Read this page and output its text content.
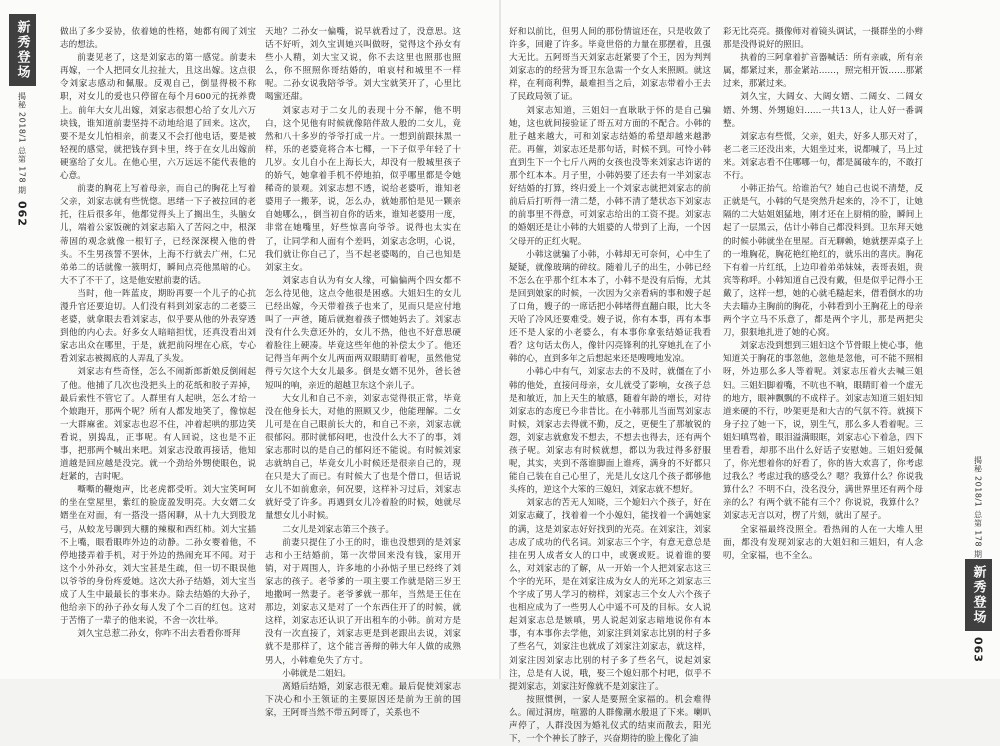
新秀登场
揭秘 2018/1 总第 178 期
062

做出了多少妥协，依着她的性格，她都有阀了刘宝志的想法。

前妻见老了，这是刘家志的第一感觉。前妻未再嫁，一个人把同女儿拉扯大，且这出嫁。这点很令刘家志感动和佩服。反观自己，倒显得极不称职，对女儿的爱也只停留在每个月600元的抚养费上。前年大女儿出嫁，刘家志很想心给了女儿六万块钱，谁知道前妻坚持不动地给退了回来。这次，要不是女儿怕相亲，前妻又不会打他电话，要是被轻视的感觉，就把钱存到卡里，终于在女儿出嫁前硬塞给了女儿。在他心里，六万远远不能代表他的心意。

前妻的胸花上写着母亲，而自己的胸花上写着父亲，刘家志就有些恍惚。思绪一下子被拉回的老托，往后很多年，他都觉得头上了搁出生，头脑女儿，端着公家饭碗的刘家志陷入了苦闷之中，根深蒂固的观念就像一根钉子，已经深深楔入他的骨头。不生男孩誓不罢休，上海不行就去广州，仁兄弟弟二的话就像一簇明灯，瞬间点亮他黑暗的心。大不了不干了，这是他安慰前妻的话。

当时，他一阵蓝皮，期盼再要一个儿子的心抗漫升官还要迫切。人们没有料到刘家志的二老婆三老婆，就拿眼去看刘家志，似乎要从他的外表穿透到他的内心去。好多女人暗暗担忧，还真没看出刘家志出众在哪里，于是，就把前闷埋在心底，专心看刘家志被揭底的人弄乱了头发。

刘家志有些奇怪，怎么不闹新郎新娘反倒闹起了他。他捕了几次也没把头上的花纸和胶子弄掉，最后索性不管它了。人群里有人起哄，怎么才给一个娘跑开，那两个呢？所有人都发地笑了，像惊起一大群麻雀。刘家志也忍不住，冲着起哄的那边笑看说，别捣乱，正事呢。有人回说，这也是不正事，把那两个喊出来吧。刘家志没敢再接话，他知道越是回应越是没完。就一个劲给外甥使眼色，说赶紧的，吉时呢。

嘶嘶的鞭炮声，比老虎都受听。刘大宝笑呵呵的坐在堂屋里，紫红的脸庞盈发明亮。大女婿二女婿坐在对面，有一搭没一搭闲聊，从十九大到股龙弓，从蛟龙号聊到大棚的辣椒和西红柿。刘大宝插不上嘴，眼看眼昨外边的动静。二孙女婴着他，不停地搂弄着手机，对于外边的热闹充耳不闻。对于这个小外孙女，刘大宝甚是生疏，但一切不眼误他以爷爷的身份疼爱她。这次大孙子结婚，刘大宝当成了人生中最最长的事来办。除去结婚的大孙子，他给亲下的孙子孙女每人发了个二百的红包。这对于苦惰了一辈子的他来说，不舍一次壮举。

刘久宝总惹二孙女，你咋不出去看看你哥拜

天地？二孙女一偏嘴，说早就看过了，没意思。这话不好听，刘久宝训她兴叫做呀，觉得这个孙女有些小人精，刘大宝又说，你不去这里也照那也照么，你不照照你哥结婚的，咱哀村和城里不一样呢。二孙女说我陪爷爷。刘大宝就笑开了，心里比喝蜜还甜。

刘家志对于二女儿的表现十分不解，他不明白，这个见他有时候就像陪伴敌人般的二女儿，竟然和八十多岁的爷爷打成一片。一想到前跟抹黑一样，乐的老婆竟将合本七椰，一下子似乎年轻了十几岁。女儿自小在上海长大，却没有一般城里孩子的娇气，她拿着手机不停地拍，似乎哪里都是令她稀奇的景观。刘家志想不透，说给老婆听，谁知老婆用子一搬茅，说，怎么办，就她那怕是见一颗亲自她哪么，，倒当初自你的话来，谁知老婆用一度，非常在她嘴里，好些惊喜向爷爷。说得也太实在了，让同学和人面有个差吗，刘家志念明，心说，我们就让你自己了，当不起老婆喝的，自己也知是刘家主女。

刘家志自认为有女人缘，可偏偏两个四女都不怎么待见他，这点令他很是困惑。大姐妇生的女儿已经出嫁，今天带着孩子也来了，见而只是应付地叫了一声爸，随后就抱着孩子惯她妈去了。刘家志没有什么失意还外的，女儿不热，他也不好意思硬着脸往上硬凑。毕竟这些年他的补偿太少了。他还记得当年两个女儿两面两双眼睛盯着呢，虽然他觉得亏欠这个大女儿最多。倒是女婿不见外，爸长爸短叫的响，亲近的超越卫东这个亲儿子。

大女儿和自己不亲，刘家志觉得很正常，毕竟没在他身长大，对他的照顾又少，他能理解。二女儿可是在自己眼前长大的，和自己不亲，刘家志就很郁闷。那时就郁闷吧，也没什么大不了的事，刘家志那时以的是自己的郁闷还不能说。有时候刘家志就纳自己，毕竟女儿小时候还是很亲自己的，现在只是大了而已。有时候大了也是个借口，但话说女儿不如前愈亲，何况要，这样补习过后，刘家志就好受了许多。再遇到女儿冷着脸的时候，她就尽量想女儿小时候。

二女儿是刘家志第三个孩子。

前妻只提住了小王的时，谁也没想到的是刘家志和小王结婚前，第一次带回来没有钱，家用开销，对于周围人，许多地的小孙惦子里已经终了刘家志的孩子。老爷爹的一项主要工作就是陪三岁王地撒呵一然妻子。老爷爹就一那年，当然是王住在那边，刘家志又是对了一个东西住开了的时候，就这样，刘家志还认识了开出租车的小韩。前对方是没有一次直接了，刘家志更是到老跟出去说，刘家就不是那样了，这个能言善辩的韩大年人做的成熟男人，小韩难免失了方寸。

小韩就是二姐妇。

离婚后结婚，刘家志很无难。最后促使刘家志下决心和小王领证的主要原因还是前为王前的国家，王阿哥当然不带五阿哥了，关系也不

好和以前比，但男人间的那份情谊还在，只是收敛了许多，回避了许多。毕竟世俗的力量在那摆着，且强大无比。五阿哥当天刘家志赶紧要了个王，因为判判刘家志的的经营为哥卫东急需一个女人来照顾。就这样，在利商利弊，最难担当之后，刘家志带着小王去了民政局领了证。

刘家志知道，三姐妇一直耿耿于怀的是自己骗她，这也就间接验证了哥五对方面的不配合。小韩的肚子越来越大，可和刘家志结婚的希望却越来越渺茫。再催，刘家志还是那句话，时候不到。可怜小韩直到生下一个七斤八两的女孩也没等来刘家志许诺的那个红本本。月子里，小韩妈要了还去有一半刘家志好结婚的打算，终归爱上一个刘家志就把刘家志的前前后后打听得一清二楚，小韩不清了楚状态下刘家志的前事里不得意，可刘家志给出的工资不提。刘家志的婚姻还是让小韩的大姐婆的人带到了上海，一个因父母开的正红火呢。

小韩这就骗了小韩，小韩却无可奈何，心中生了疑疑，就像玻璃的碎纹。随着儿子的出生，小韩已经不怎么在乎那个红本本了，小韩不是没有后悔，尤其是回到娘家的时候，一次因为父亲看病的事和嫂子起了口角，嫂子的一席话把小韩堵得直翻白眼，比大冬天哈了冷风还要难受。嫂子说，你有本事，再有本事还不是人家的小老婆么，有本事你拿张结婚证我看看？这句话太伤人，像针闪亮锋利的扎穿她扎在了小韩的心，直到多年之后想起来还是嗖嗖地发凉。

小韩心中有气，刘家志去的不及时，就僵在了小韩的他处，直接问母亲，女儿就受了影响，女孩子总是和敏近，加上天生的敏感，随着年龄的增长，对待刘家志的态度已今非昔比。在小韩那儿当面骂刘家志时候，刘家志去得就不勤，反之，更便生了那敏锐的怨，刘家志就愈发不想去，不想去也得去，还有两个孩子呢。刘家志有时候就想，都以为我过得多舒服呢，其实，夹到不落谁脚面上谁疼，满身的不好都只能自己装在自己心里了，光是儿女这几个孩子都够他头疼的，逆这个大笨的三媳妇，刘家志就不想好。

刘家志的苦无人知晓，三个媳妇六个孩子，好在刘家志藏了，找着着一个小媳妇，能找着一个满她家的满，这是刘家志好好找到的光亮。在刘家注，刘家志成了成功的代名词。刘家志三个字，有意无意总是挂在男人成者女人的口中，或褒或贬。说着谁的要么，对刘家志的了解，从一开始一个人把刘家志这三个字的光环，是在刘家注成为女人的光环之刘家志三个字成了男人学习的榜样，刘家志三个女人六个孩子也相应成为了一些男人心中遥不可及的目标。女人说起刘家志总是嫉嗔，男人说起刘家志暗地说你有本事，有本事你去学他，刘家注到刘家志比别的村子多了些名气，刘家注也就成了刘家注刘家志，就这样，刘家注因刘家志比别的村子多了些名气，说起刘家注，总是有人说，哦，娶三个媳妇那个村吧，似乎不提刘家志，刘家注好像就不是刘家注了。

按照惯例，一家人是要照全家福的。机会难得么。闹过洞房，喧嚣的人群像潮水般退了下来。喇叭声停了，人群没因为婚礼仪式的结束而散去，阳光下，一个个神长了脖子，兴奋期待的脸上像化了油

彩无比亮亮。摄像师对着镜头调试，一摄群坐的小辫那是没得说好的照旧。

执着的三阿拿着扩音器喊话：所有亲戚，所有亲属，都紧过来，那金紧站……，照完相开饭……那紧过来，那紧过来。

刘久宝，大阔女、大阔女婿、二阔女、二阔女婿、外甥、外甥媳妇……一共13人，让人好一番调整。

刘家志有些慌，父亲，姐夫，好多人那天对了，老二老三还没出来，大姐坐过来，说都喊了，马上过来。刘家志看不住哪哪一句，都是属破车的，不敢打不行。

小韩正抬气。给谁治气？她自己也说不清楚，反正就是气，小韩的气是突然升起来的，冷不丁，让她隔的二大姑姐姐猛地，刚才还在上厨梢的脸，瞬间上起了一层黑云，估计小韩自己都没料到。卫东拜天她的时候小韩就坐在里屋。百无聊赖，她就摆弄桌子上的一堆胸花，胸花艳红艳红的，就乐出的喜庆。胸花下有着一片红纸，上边印着弟弟妹妹，表哥表姐，贵宾等称呼。小韩知道自己没有戴，但是似乎记得小王戴了，这样一想，她的心就毛糙起来，借看倒水的功夫去瞄办主胸前的胸花，小韩看到小王胸花上的母亲两个字立马不乐意了，都是两个字儿，那是两把尖刀，狠狠地扎进了她的心窝。

刘家志没到想到三姐妇这个节骨眼上使心事，他知道关于胸花的事忽他，忽他是忽他，可不能不照相呀，外边那么多人等着呢。刘家志压着火去喊三姐妇。三姐妇脚着嘴，不吭也不响，眼睛盯着一个虚无的地方，眼神飘飘的不成样子。刘家志知道三姐妇知道来硬的不行，吵架更是和大吉的气氛不符。就摸下身子拉了她一下，说，别生气，那么多人看着呢。三姐妇嗔骂着，眼泪溢满眼眶，刘家志心下着急，四下里看看，却那不出什么好话子安慰她。三姐妇爱佩了，你光想着你的好看了，你的皆大欢喜了，你考虑过我么？考虑过我的感受么？嗯？我算什么？你说我算什么？不明不白，没名没分，满世界里还有两个母亲的么？有两个就不能有三个？你说说，我算什么？刘家志无言以对，楞了片刻，就出了屋子。

全家福最终没照全。看热闹的人在一大堆人里面，都没有发现刘家志的大姐妇和三姐妇，有人念叨，全家福，也不全么。	揭秘 2018/1 总第 178 期
新秀登场
063
